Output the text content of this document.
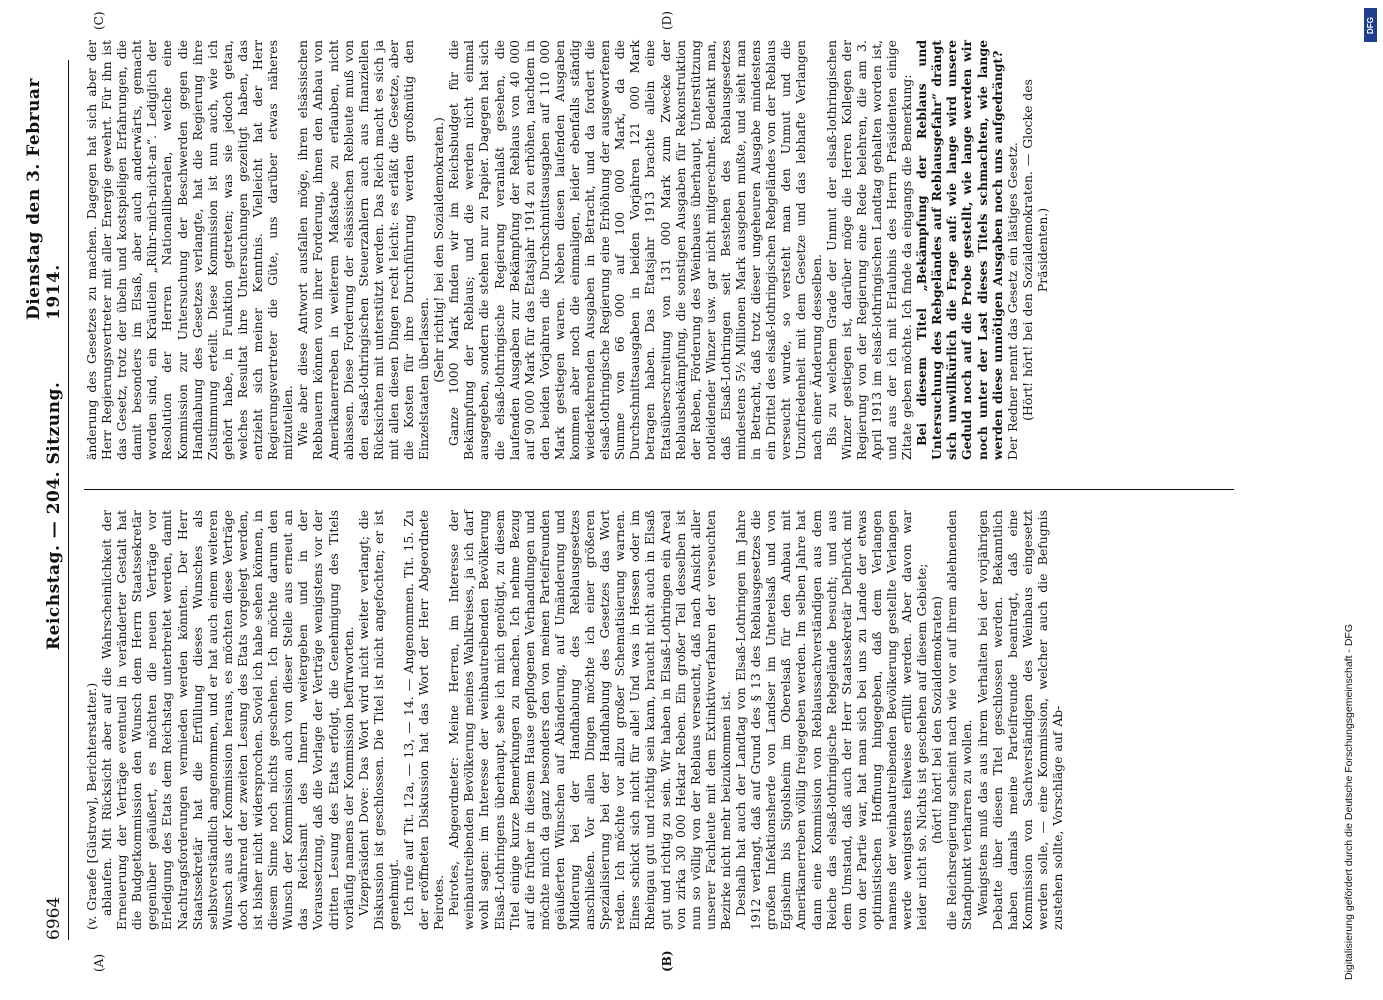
6964
Reichstag. — 204. Sitzung.
Dienstag den 3. Februar 1914.
(A)	(B)
(C)	(D)

(v. Graefe [Güstrow], Berichterstatter.) ablaufen. Mit Rücksicht aber auf die Wahrscheinlichkeit der Erneuerung der Verträge eventuell in veränderter Gestalt hat die Budgetkommission den Wunsch dem Herrn Staatssekretär gegenüber geäußert, es möchten die neuen Verträge vor Erledigung des Etats dem Reichstag unterbreitet werden, damit Nachtragsforderungen vermieden werden könnten. Der Herr Staatssekretär hat die Erfüllung dieses Wunsches als selbstverständlich angenommen, und er hat auch einem weiteren Wunsch aus der Kommission heraus, es möchten diese Verträge doch während der zweiten Lesung des Etats vorgelegt werden, ist bisher nicht widersprochen. Soviel ich habe sehen können, in diesem Sinne noch nichts geschehen. Ich möchte darum den Wunsch der Kommission auch von dieser Stelle aus erneut an das Reichsamt des Innern weitergeben und in der Voraussetzung, daß die Vorlage der Verträge wenigstens vor der dritten Lesung des Etats erfolgt, die Genehmigung des Titels vorläufig namens der Kommission befürworten. Vizepräsident Dove: Das Wort wird nicht weiter verlangt; die Diskussion ist geschlossen. Die Titel ist nicht angefochten; er ist genehmigt. Ich rufe auf Tit. 12a, — 13, — 14. — Angenommen. Tit. 15. Zu der eröffneten Diskussion hat das Wort der Herr Abgeordnete Peirotes. Peirotes, Abgeordneter: Meine Herren, im Interesse der weinbautreibenden Bevölkerung meines Wahlkreises, ja ich darf wohl sagen: im Interesse der weinbautreibenden Bevölkerung Elsaß-Lothringens überhaupt, sehe ich mich genötigt, zu diesem Titel einige kurze Bemerkungen zu machen. Ich nehme Bezug auf die früher in diesem Hause gepflogenen Verhandlungen und möchte mich da ganz besonders den von meinen Parteifreunden geäußerten Wünschen auf Abänderung, auf Umänderung und Milderung bei der Handhabung des Reblausgesetzes anschließen. Vor allen Dingen möchte ich einer größeren Spezialisierung bei der Handhabung des Gesetzes das Wort reden. Ich möchte vor allzu großer Schematisierung warnen. Eines schickt sich nicht für alle! Und was in Hessen oder im Rheingau gut und richtig sein kann, braucht nicht auch in Elsaß gut und richtig zu sein. Wir haben in Elsaß-Lothringen ein Areal von zirka 30 000 Hektar Reben. Ein großer Teil desselben ist nun so völlig von der Reblaus verseucht, daß nach Ansicht aller unserer Fachleute mit dem Extinktivverfahren der verseuchten Bezirke nicht mehr beizukommen ist. Deshalb hat auch der Landtag von Elsaß-Lothringen im Jahre 1912 verlangt, daß auf Grund des § 13 des Reblausgesetzes die großen Infektionsherde von Landser im Unterelsaß und von Egisheim bis Sigolsheim im Oberelsaß für den Anbau mit Amerikanerreben völlig freigegeben werden. Im selben Jahre hat dann eine Kommission von Reblaussachverständigen aus dem Reiche das elsaß-lothringische Rebgelände besucht; und aus dem Umstand, daß auch der Herr Staatssekretär Delbrück mit von der Partie war, hat man sich bei uns zu Lande der etwas optimistischen Hoffnung hingegeben, daß dem Verlangen namens der weinbautreibenden Bevölkerung gestellte Verlangen werde wenigstens teilweise erfüllt werden. Aber davon war leider nicht so. Nichts ist geschehen auf diesem Gebiete; (hört! hört! bei den Sozialdemokraten) die Reichsregierung scheint nach wie vor auf ihrem ablehnenden Standpunkt verharren zu wollen. Wenigstens muß das aus ihrem Verhalten bei der vorjährigen Debatte über diesen Titel geschlossen werden. Bekanntlich haben damals meine Parteifreunde beantragt, daß eine Kommission von Sachverständigen des Weinbaus eingesetzt werden solle, — eine Kommission, welcher auch die Befugnis zustehen sollte, Vorschläge auf Ab-

änderung des Gesetzes zu machen. Dagegen hat sich aber der Herr Regierungsvertreter mit aller Energie gewehrt. Für ihn ist das Gesetz, trotz der übeln und kostspieligen Erfahrungen, die damit besonders im Elsaß, aber auch anderwärts, gemacht worden sind, ein Kräutlein „Rühr-mich-nicht-an“. Lediglich der Resolution der Herren Nationalliberalen, welche eine Kommission zur Untersuchung der Beschwerden gegen die Handhabung des Gesetzes verlangte, hat die Regierung ihre Zustimmung erteilt. Diese Kommission ist nun auch, wie ich gehört habe, in Funktion getreten; was sie jedoch getan, welches Resultat ihre Untersuchungen gezeitigt haben, das entzieht sich meiner Kenntnis. Vielleicht hat der Herr Regierungsvertreter die Güte, uns darüber etwas näheres mitzuteilen. Wie aber diese Antwort ausfallen möge, ihren elsässischen Rebbauern können von ihrer Forderung, ihnen den Anbau von Amerikanerreben in weiterem Maßstabe zu erlauben, nicht ablassen. Diese Forderung der elsässischen Rebleute muß von den elsaß-lothringischen Steuerzahlern auch aus finanziellen Rücksichten mit unterstützt werden. Das Reich macht es sich ja mit allen diesen Dingen recht leicht: es erläßt die Gesetze, aber die Kosten für ihre Durchführung werden großmütig den Einzelstaaten überlassen. (Sehr richtig! bei den Sozialdemokraten.) Ganze 1000 Mark finden wir im Reichsbudget für die Bekämpfung der Reblaus; und die werden nicht einmal ausgegeben, sondern die stehen nur zu Papier. Dagegen hat sich die elsaß-lothringische Regierung veranlaßt gesehen, die laufenden Ausgaben zur Bekämpfung der Reblaus von 40 000 auf 90 000 Mark für das Etatsjahr 1914 zu erhöhen, nachdem in den beiden Vorjahren die Durchschnittsausgaben auf 110 000 Mark gestiegen waren. Neben diesen laufenden Ausgaben kommen aber noch die einmaligen, leider ebenfalls ständig wiederkehrenden Ausgaben in Betracht, und da fordert die elsaß-lothringische Regierung eine Erhöhung der ausgeworfenen Summe von 66 000 auf 100 000 Mark, da die Durchschnittsausgaben in beiden Vorjahren 121 000 Mark betragen haben. Das Etatsjahr 1913 brachte allein eine Etatsüberschreitung von 131 000 Mark zum Zwecke der Reblausbekämpfung, die sonstigen Ausgaben für Rekonstruktion der Reben, Förderung des Weinbaues überhaupt, Unterstützung notleidender Winzer usw. gar nicht mitgerechnet. Bedenkt man, daß Elsaß-Lothringen seit Bestehen des Reblausgesetzes mindestens 5½ Millionen Mark ausgeben mußte, und sieht man in Betracht, daß trotz dieser ungeheuren Ausgabe mindestens ein Drittel des elsaß-lothringischen Rebgeländes von der Reblaus verseucht wurde, so versteht man den Unmut und die Unzufriedenheit mit dem Gesetze und das lebhafte Verlangen nach einer Änderung desselben. Bis zu welchem Grade der Unmut der elsaß-lothringischen Winzer gestiegen ist, darüber möge die Herren Kollegen der Regierung von der Regierung eine Rede belehren, die am 3. April 1913 im elsaß-lothringischen Landtag gehalten worden ist, und aus der ich mit Erlaubnis des Herrn Präsidenten einige Zitate geben möchte. Ich finde da eingangs die Bemerkung: Bei diesem Titel „Bekämpfung der Reblaus und Untersuchung des Rebgeländes auf Reblausgefahr“ drängt sich unwillkürlich die Frage auf: wie lange wird unsere Geduld noch auf die Probe gestellt, wie lange werden wir noch unter der Last dieses Titels schmachten, wie lange werden diese unnötigen Ausgaben noch uns aufgedrängt? Der Redner nennt das Gesetz ein lästiges Gesetz. (Hört! hört! bei den Sozialdemokraten. — Glocke des Präsidenten.)

Digitalisierung gefördert durch die Deutsche Forschungsgemeinschaft - DFG
DFG
